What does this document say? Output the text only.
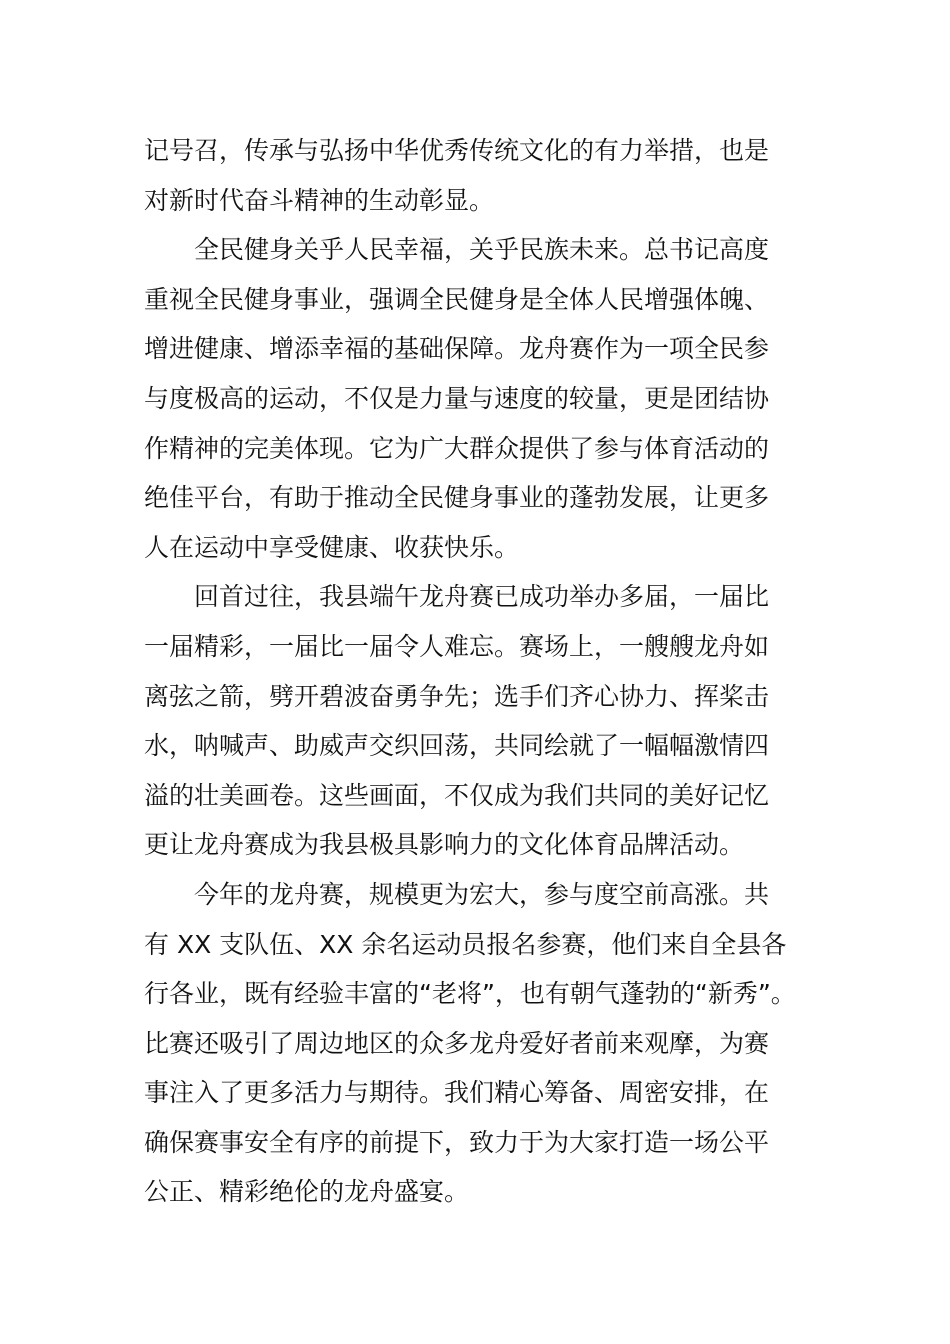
记号召，传承与弘扬中华优秀传统文化的有力举措，也是
对新时代奋斗精神的生动彰显。
　　全民健身关乎人民幸福，关乎民族未来。总书记高度
重视全民健身事业，强调全民健身是全体人民增强体魄、
增进健康、增添幸福的基础保障。龙舟赛作为一项全民参
与度极高的运动，不仅是力量与速度的较量，更是团结协
作精神的完美体现。它为广大群众提供了参与体育活动的
绝佳平台，有助于推动全民健身事业的蓬勃发展，让更多
人在运动中享受健康、收获快乐。
　　回首过往，我县端午龙舟赛已成功举办多届，一届比
一届精彩，一届比一届令人难忘。赛场上，一艘艘龙舟如
离弦之箭，劈开碧波奋勇争先；选手们齐心协力、挥桨击
水，呐喊声、助威声交织回荡，共同绘就了一幅幅激情四
溢的壮美画卷。这些画面，不仅成为我们共同的美好记忆
更让龙舟赛成为我县极具影响力的文化体育品牌活动。
　　今年的龙舟赛，规模更为宏大，参与度空前高涨。共
有 XX 支队伍、XX 余名运动员报名参赛，他们来自全县各
行各业，既有经验丰富的“老将”，也有朝气蓬勃的“新秀”。
比赛还吸引了周边地区的众多龙舟爱好者前来观摩，为赛
事注入了更多活力与期待。我们精心筹备、周密安排，在
确保赛事安全有序的前提下，致力于为大家打造一场公平
公正、精彩绝伦的龙舟盛宴。
